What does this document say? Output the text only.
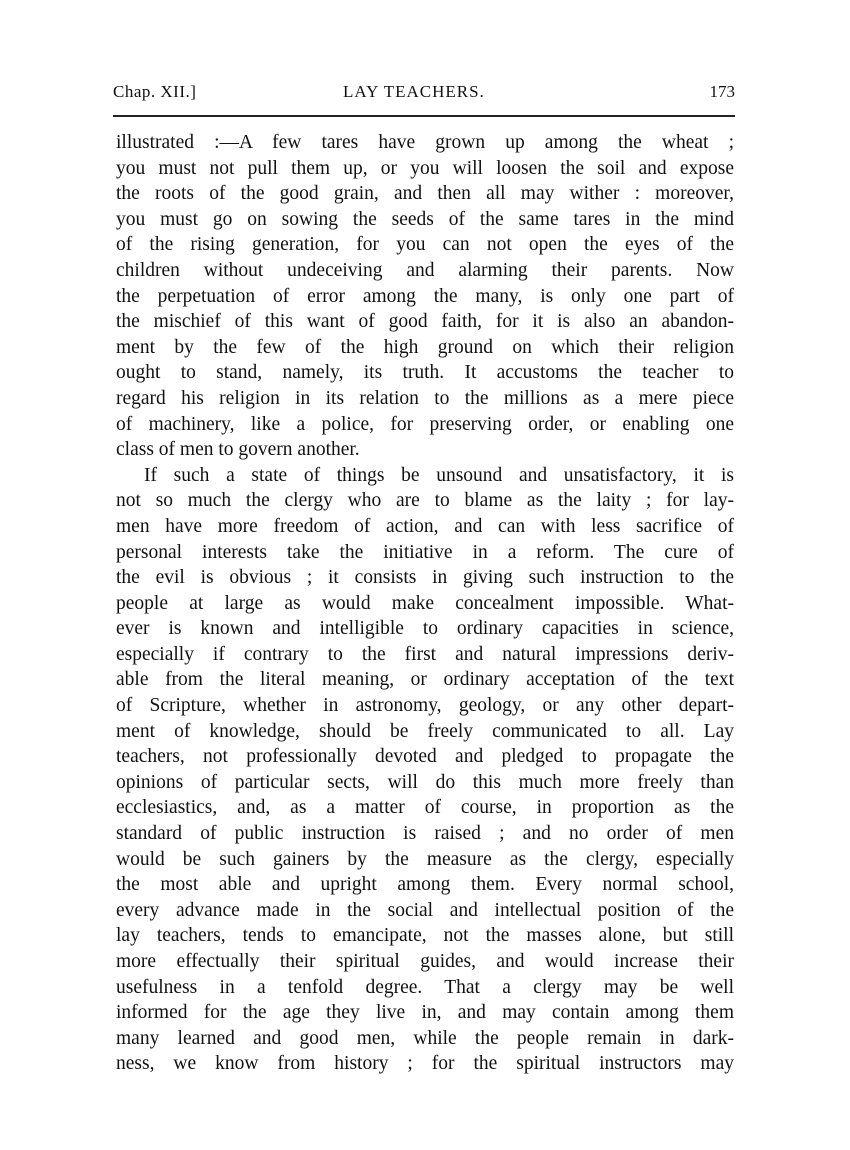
Chap. XII.]	LAY TEACHERS.	173
illustrated :—A few tares have grown up among the wheat ;
you must not pull them up, or you will loosen the soil and expose
the roots of the good grain, and then all may wither : moreover,
you must go on sowing the seeds of the same tares in the mind
of the rising generation, for you can not open the eyes of the
children without undeceiving and alarming their parents. Now
the perpetuation of error among the many, is only one part of
the mischief of this want of good faith, for it is also an abandon-
ment by the few of the high ground on which their religion
ought to stand, namely, its truth. It accustoms the teacher to
regard his religion in its relation to the millions as a mere piece
of machinery, like a police, for preserving order, or enabling one
class of men to govern another.
If such a state of things be unsound and unsatisfactory, it is
not so much the clergy who are to blame as the laity ; for lay-
men have more freedom of action, and can with less sacrifice of
personal interests take the initiative in a reform. The cure of
the evil is obvious ; it consists in giving such instruction to the
people at large as would make concealment impossible. What-
ever is known and intelligible to ordinary capacities in science,
especially if contrary to the first and natural impressions deriv-
able from the literal meaning, or ordinary acceptation of the text
of Scripture, whether in astronomy, geology, or any other depart-
ment of knowledge, should be freely communicated to all. Lay
teachers, not professionally devoted and pledged to propagate the
opinions of particular sects, will do this much more freely than
ecclesiastics, and, as a matter of course, in proportion as the
standard of public instruction is raised ; and no order of men
would be such gainers by the measure as the clergy, especially
the most able and upright among them. Every normal school,
every advance made in the social and intellectual position of the
lay teachers, tends to emancipate, not the masses alone, but still
more effectually their spiritual guides, and would increase their
usefulness in a tenfold degree. That a clergy may be well
informed for the age they live in, and may contain among them
many learned and good men, while the people remain in dark-
ness, we know from history ; for the spiritual instructors may
